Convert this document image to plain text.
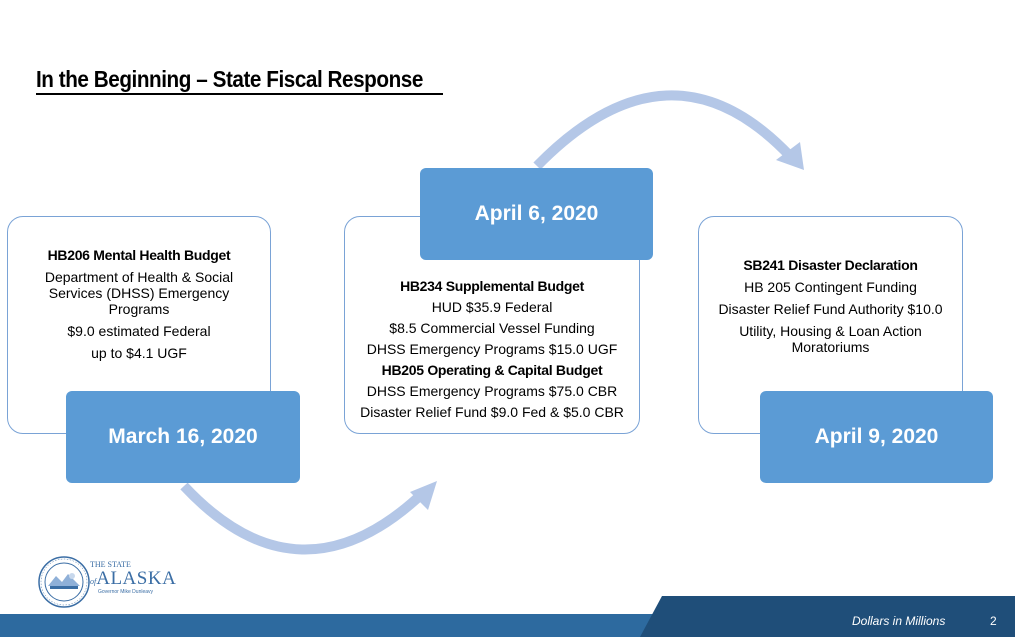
In the Beginning – State Fiscal Response

HB206 Mental Health Budget

Department of Health & Social Services (DHSS) Emergency Programs

$9.0 estimated Federal

up to $4.1 UGF

March 16, 2020

HB234 Supplemental Budget

HUD $35.9 Federal

$8.5 Commercial Vessel Funding

DHSS Emergency Programs $15.0 UGF

HB205 Operating & Capital Budget

DHSS Emergency Programs $75.0 CBR

Disaster Relief Fund $9.0 Fed & $5.0 CBR

April 6, 2020

SB241 Disaster Declaration

HB 205 Contingent Funding

Disaster Relief Fund Authority $10.0

Utility, Housing & Loan Action Moratoriums

April 9, 2020
THE STATE
ofALASKA
Governor Mike Dunleavy
Dollars in Millions	2
